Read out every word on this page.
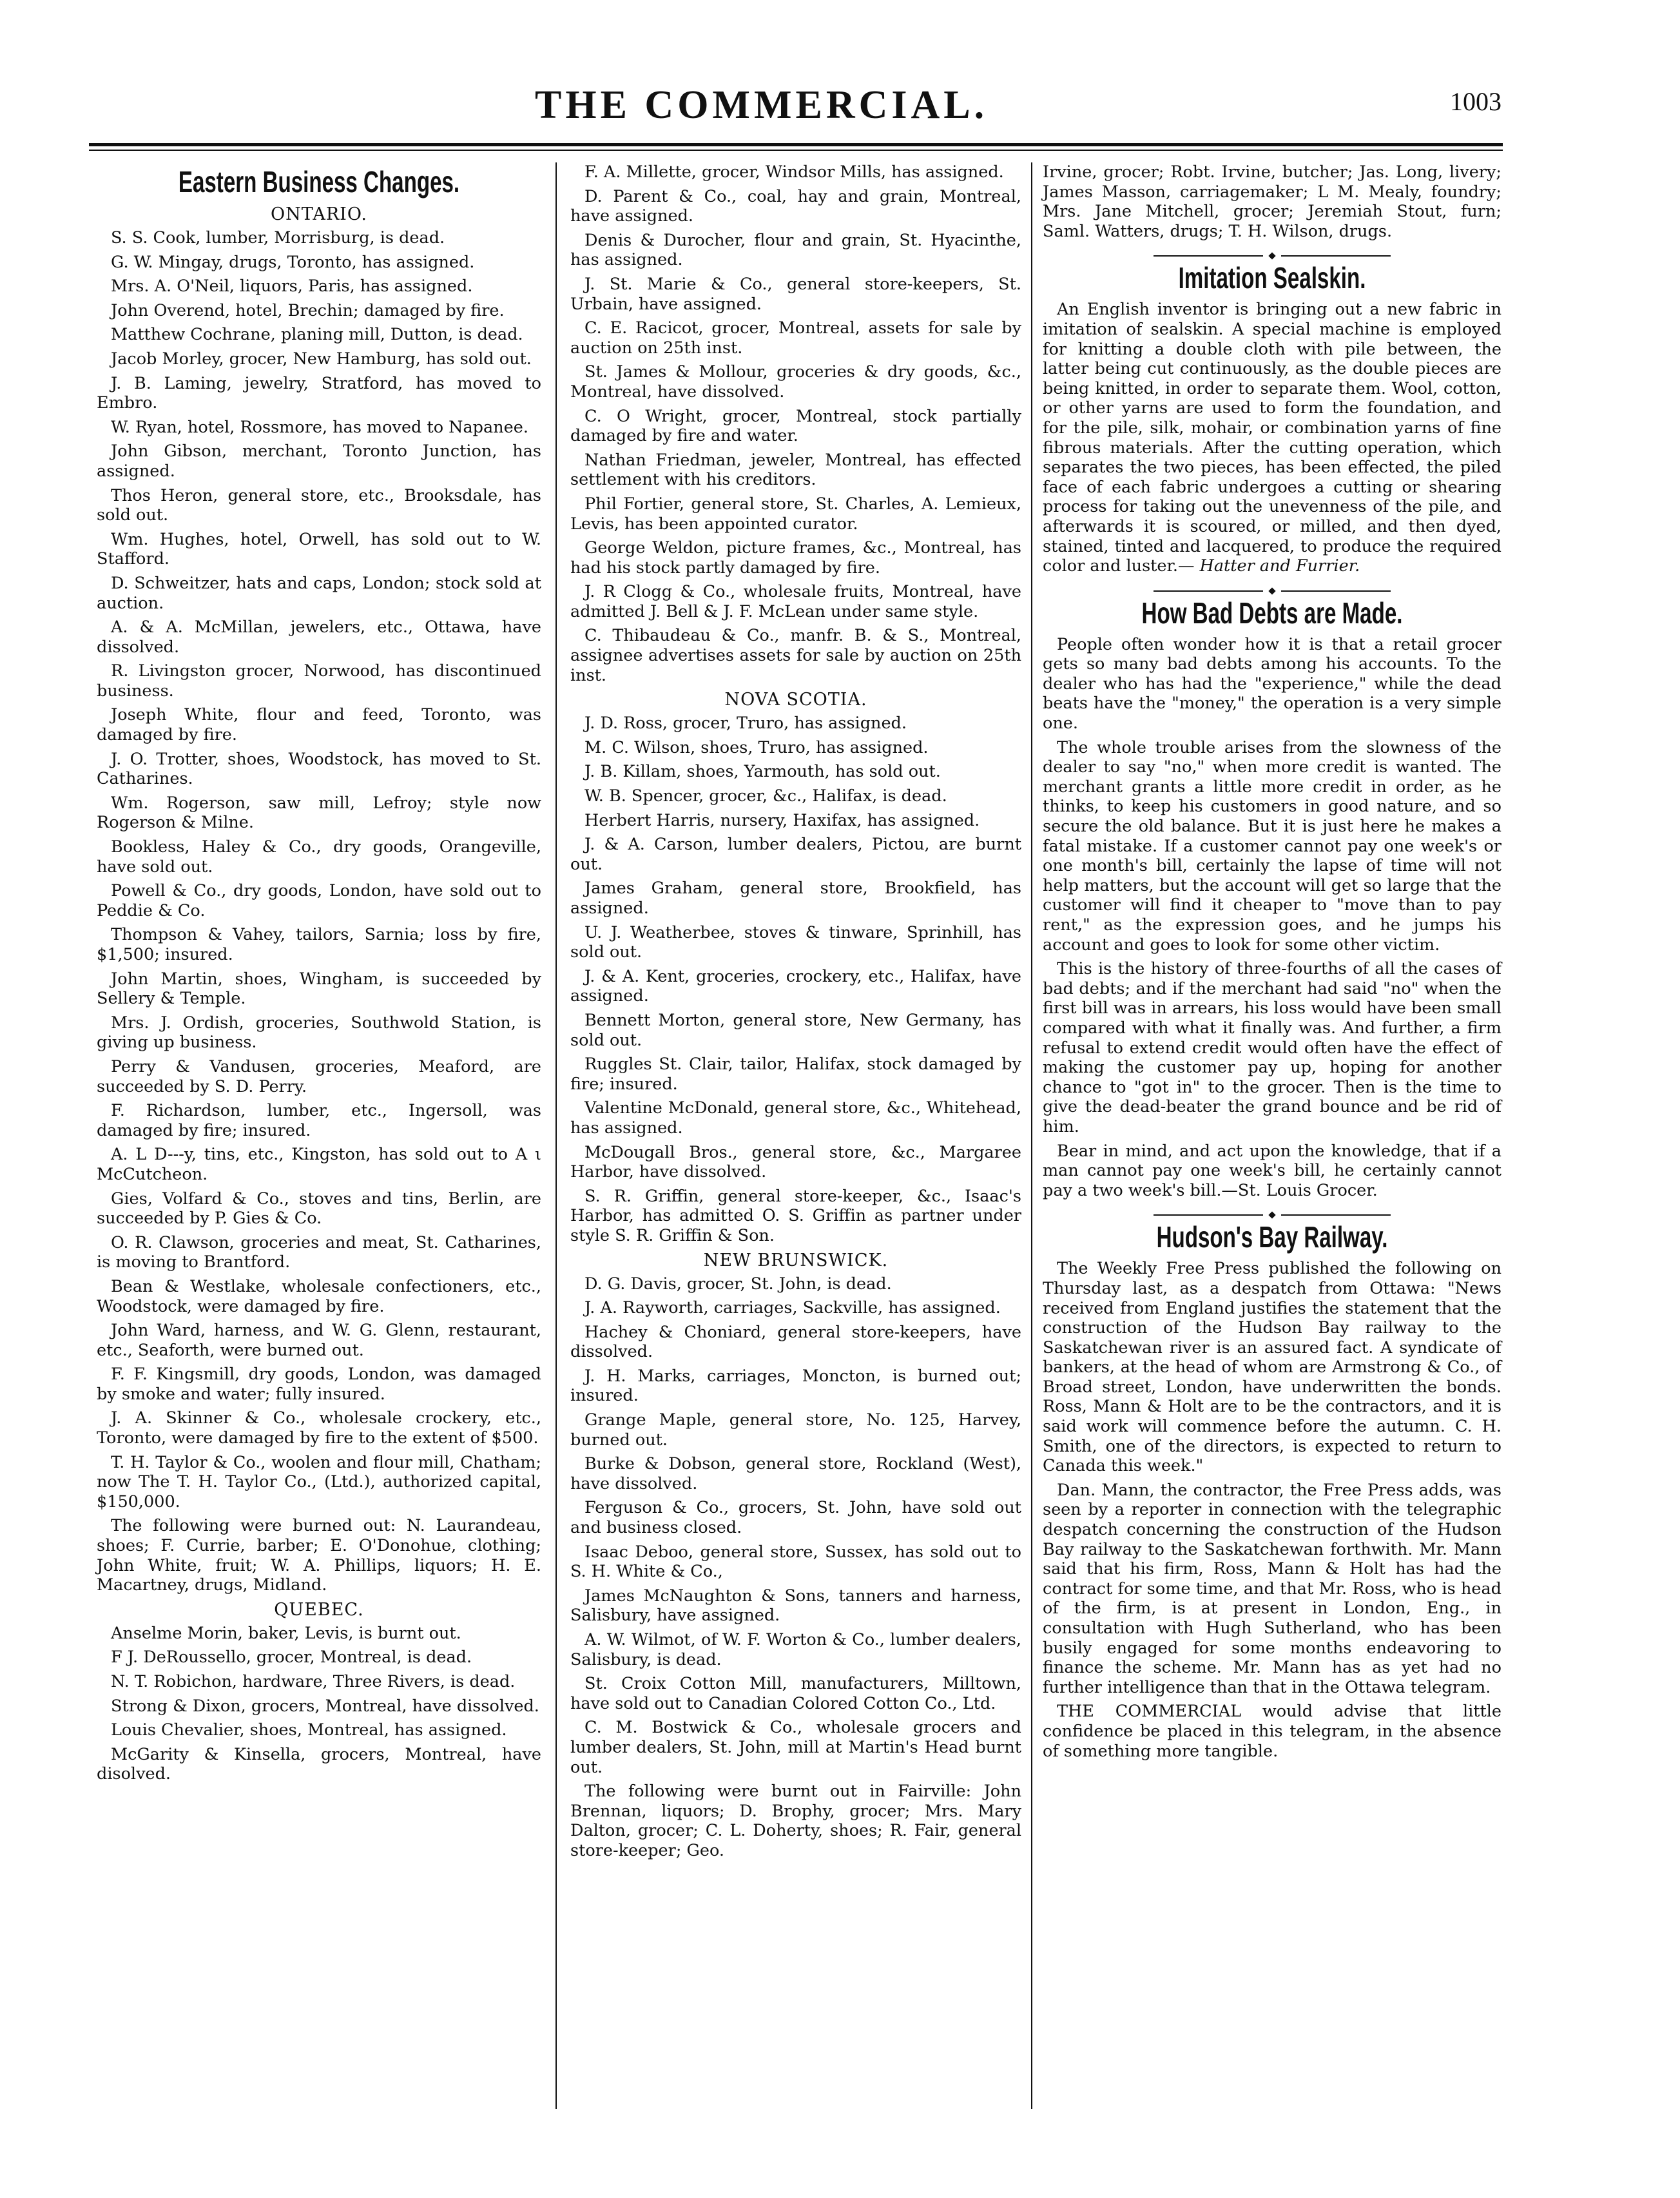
THE COMMERCIAL.	1003
Eastern Business Changes.
ONTARIO.

S. S. Cook, lumber, Morrisburg, is dead.

G. W. Mingay, drugs, Toronto, has assigned.

Mrs. A. O'Neil, liquors, Paris, has assigned.

John Overend, hotel, Brechin; damaged by fire.

Matthew Cochrane, planing mill, Dutton, is dead.

Jacob Morley, grocer, New Hamburg, has sold out.

J. B. Laming, jewelry, Stratford, has moved to Embro.

W. Ryan, hotel, Rossmore, has moved to Napanee.

John Gibson, merchant, Toronto Junction, has assigned.

Thos Heron, general store, etc., Brooksdale, has sold out.

Wm. Hughes, hotel, Orwell, has sold out to W. Stafford.

D. Schweitzer, hats and caps, London; stock sold at auction.

A. & A. McMillan, jewelers, etc., Ottawa, have dissolved.

R. Livingston grocer, Norwood, has discontinued business.

Joseph White, flour and feed, Toronto, was damaged by fire.

J. O. Trotter, shoes, Woodstock, has moved to St. Catharines.

Wm. Rogerson, saw mill, Lefroy; style now Rogerson & Milne.

Bookless, Haley & Co., dry goods, Orangeville, have sold out.

Powell & Co., dry goods, London, have sold out to Peddie & Co.

Thompson & Vahey, tailors, Sarnia; loss by fire, $1,500; insured.

John Martin, shoes, Wingham, is succeeded by Sellery & Temple.

Mrs. J. Ordish, groceries, Southwold Station, is giving up business.

Perry & Vandusen, groceries, Meaford, are succeeded by S. D. Perry.

F. Richardson, lumber, etc., Ingersoll, was damaged by fire; insured.

A. L D---y, tins, etc., Kingston, has sold out to A ι McCutcheon.

Gies, Volfard & Co., stoves and tins, Berlin, are succeeded by P. Gies & Co.

O. R. Clawson, groceries and meat, St. Catharines, is moving to Brantford.

Bean & Westlake, wholesale confectioners, etc., Woodstock, were damaged by fire.

John Ward, harness, and W. G. Glenn, restaurant, etc., Seaforth, were burned out.

F. F. Kingsmill, dry goods, London, was damaged by smoke and water; fully insured.

J. A. Skinner & Co., wholesale crockery, etc., Toronto, were damaged by fire to the extent of $500.

T. H. Taylor & Co., woolen and flour mill, Chatham; now The T. H. Taylor Co., (Ltd.), authorized capital, $150,000.

The following were burned out: N. Laurandeau, shoes; F. Currie, barber; E. O'Donohue, clothing; John White, fruit; W. A. Phillips, liquors; H. E. Macartney, drugs, Midland.

QUEBEC.

Anselme Morin, baker, Levis, is burnt out.

F J. DeRoussello, grocer, Montreal, is dead.

N. T. Robichon, hardware, Three Rivers, is dead.

Strong & Dixon, grocers, Montreal, have dissolved.

Louis Chevalier, shoes, Montreal, has assigned.

McGarity & Kinsella, grocers, Montreal, have disolved.

F. A. Millette, grocer, Windsor Mills, has assigned.

D. Parent & Co., coal, hay and grain, Montreal, have assigned.

Denis & Durocher, flour and grain, St. Hyacinthe, has assigned.

J. St. Marie & Co., general store-keepers, St. Urbain, have assigned.

C. E. Racicot, grocer, Montreal, assets for sale by auction on 25th inst.

St. James & Mollour, groceries & dry goods, &c., Montreal, have dissolved.

C. O Wright, grocer, Montreal, stock partially damaged by fire and water.

Nathan Friedman, jeweler, Montreal, has effected settlement with his creditors.

Phil Fortier, general store, St. Charles, A. Lemieux, Levis, has been appointed curator.

George Weldon, picture frames, &c., Montreal, has had his stock partly damaged by fire.

J. R Clogg & Co., wholesale fruits, Montreal, have admitted J. Bell & J. F. McLean under same style.

C. Thibaudeau & Co., manfr. B. & S., Montreal, assignee advertises assets for sale by auction on 25th inst.

NOVA SCOTIA.

J. D. Ross, grocer, Truro, has assigned.

M. C. Wilson, shoes, Truro, has assigned.

J. B. Killam, shoes, Yarmouth, has sold out.

W. B. Spencer, grocer, &c., Halifax, is dead.

Herbert Harris, nursery, Haxifax, has assigned.

J. & A. Carson, lumber dealers, Pictou, are burnt out.

James Graham, general store, Brookfield, has assigned.

U. J. Weatherbee, stoves & tinware, Sprinhill, has sold out.

J. & A. Kent, groceries, crockery, etc., Halifax, have assigned.

Bennett Morton, general store, New Germany, has sold out.

Ruggles St. Clair, tailor, Halifax, stock damaged by fire; insured.

Valentine McDonald, general store, &c., Whitehead, has assigned.

McDougall Bros., general store, &c., Margaree Harbor, have dissolved.

S. R. Griffin, general store-keeper, &c., Isaac's Harbor, has admitted O. S. Griffin as partner under style S. R. Griffin & Son.

NEW BRUNSWICK.

D. G. Davis, grocer, St. John, is dead.

J. A. Rayworth, carriages, Sackville, has assigned.

Hachey & Choniard, general store-keepers, have dissolved.

J. H. Marks, carriages, Moncton, is burned out; insured.

Grange Maple, general store, No. 125, Harvey, burned out.

Burke & Dobson, general store, Rockland (West), have dissolved.

Ferguson & Co., grocers, St. John, have sold out and business closed.

Isaac Deboo, general store, Sussex, has sold out to S. H. White & Co.,

James McNaughton & Sons, tanners and harness, Salisbury, have assigned.

A. W. Wilmot, of W. F. Worton & Co., lumber dealers, Salisbury, is dead.

St. Croix Cotton Mill, manufacturers, Milltown, have sold out to Canadian Colored Cotton Co., Ltd.

C. M. Bostwick & Co., wholesale grocers and lumber dealers, St. John, mill at Martin's Head burnt out.

The following were burnt out in Fairville: John Brennan, liquors; D. Brophy, grocer; Mrs. Mary Dalton, grocer; C. L. Doherty, shoes; R. Fair, general store-keeper; Geo.

Irvine, grocer; Robt. Irvine, butcher; Jas. Long, livery; James Masson, carriagemaker; L M. Mealy, foundry; Mrs. Jane Mitchell, grocer; Jeremiah Stout, furn; Saml. Watters, drugs; T. H. Wilson, drugs.

Imitation Sealskin.

An English inventor is bringing out a new fabric in imitation of sealskin. A special machine is employed for knitting a double cloth with pile between, the latter being cut continuously, as the double pieces are being knitted, in order to separate them. Wool, cotton, or other yarns are used to form the foundation, and for the pile, silk, mohair, or combination yarns of fine fibrous materials. After the cutting operation, which separates the two pieces, has been effected, the piled face of each fabric undergoes a cutting or shearing process for taking out the unevenness of the pile, and afterwards it is scoured, or milled, and then dyed, stained, tinted and lacquered, to produce the required color and luster.— Hatter and Furrier.

How Bad Debts are Made.

People often wonder how it is that a retail grocer gets so many bad debts among his accounts. To the dealer who has had the "experience," while the dead beats have the "money," the operation is a very simple one.

The whole trouble arises from the slowness of the dealer to say "no," when more credit is wanted. The merchant grants a little more credit in order, as he thinks, to keep his customers in good nature, and so secure the old balance. But it is just here he makes a fatal mistake. If a customer cannot pay one week's or one month's bill, certainly the lapse of time will not help matters, but the account will get so large that the customer will find it cheaper to "move than to pay rent," as the expression goes, and he jumps his account and goes to look for some other victim.

This is the history of three-fourths of all the cases of bad debts; and if the merchant had said "no" when the first bill was in arrears, his loss would have been small compared with what it finally was. And further, a firm refusal to extend credit would often have the effect of making the customer pay up, hoping for another chance to "got in" to the grocer. Then is the time to give the dead-beater the grand bounce and be rid of him.

Bear in mind, and act upon the knowledge, that if a man cannot pay one week's bill, he certainly cannot pay a two week's bill.—St. Louis Grocer.

Hudson's Bay Railway.

The Weekly Free Press published the following on Thursday last, as a despatch from Ottawa: "News received from England justifies the statement that the construction of the Hudson Bay railway to the Saskatchewan river is an assured fact. A syndicate of bankers, at the head of whom are Armstrong & Co., of Broad street, London, have underwritten the bonds. Ross, Mann & Holt are to be the contractors, and it is said work will commence before the autumn. C. H. Smith, one of the directors, is expected to return to Canada this week."

Dan. Mann, the contractor, the Free Press adds, was seen by a reporter in connection with the telegraphic despatch concerning the construction of the Hudson Bay railway to the Saskatchewan forthwith. Mr. Mann said that his firm, Ross, Mann & Holt has had the contract for some time, and that Mr. Ross, who is head of the firm, is at present in London, Eng., in consultation with Hugh Sutherland, who has been busily engaged for some months endeavoring to finance the scheme. Mr. Mann has as yet had no further intelligence than that in the Ottawa telegram.

THE COMMERCIAL would advise that little confidence be placed in this telegram, in the absence of something more tangible.
